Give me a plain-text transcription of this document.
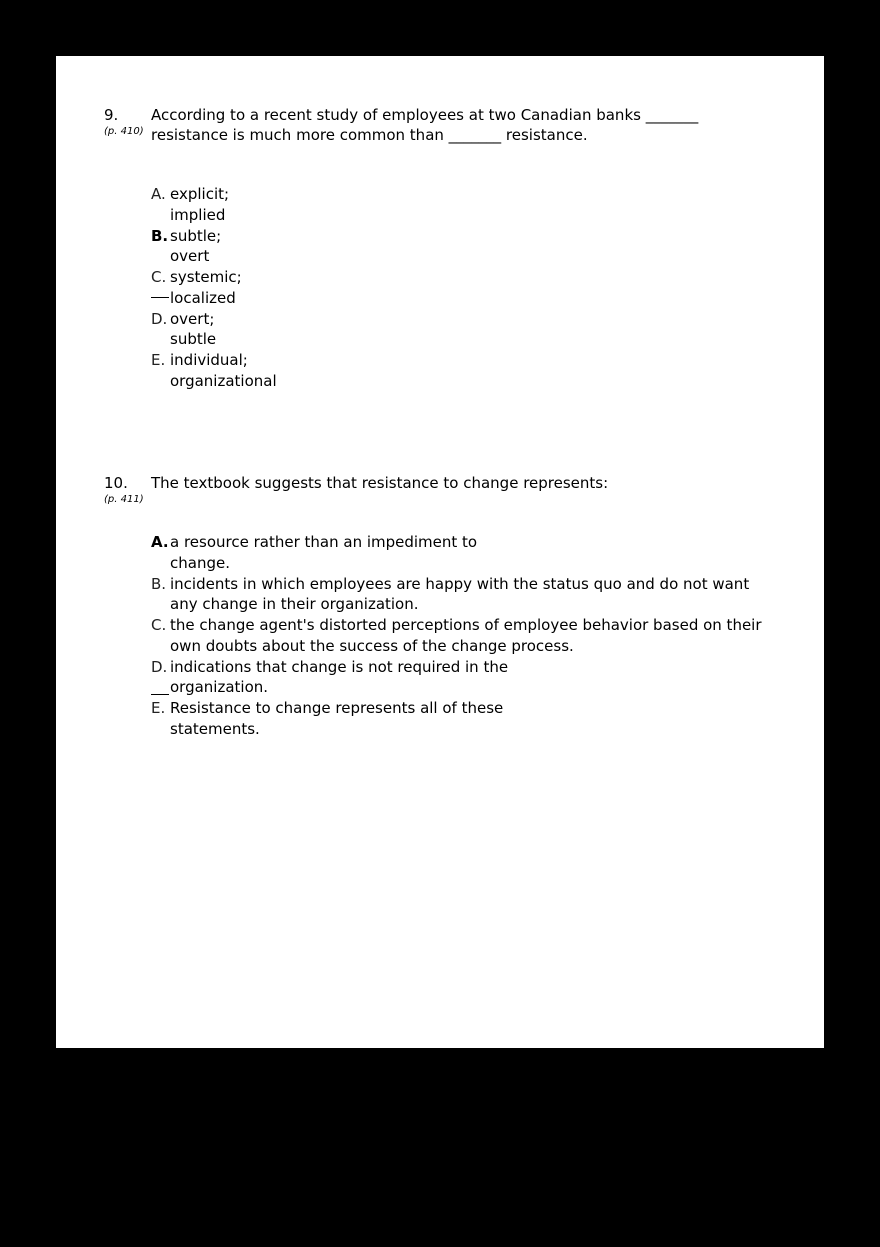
9.
(p. 410)
According to a recent study of employees at two Canadian banks _______ resistance is much more common than _______ resistance.
A. explicit;
implied
B. subtle;
overt
C. systemic;
localized
D. overt;
subtle
E. individual;
organizational
10.
(p. 411)
The textbook suggests that resistance to change represents:
A. a resource rather than an impediment to
change.
B. incidents in which employees are happy with the status quo and do not want
any change in their organization.
C. the change agent's distorted perceptions of employee behavior based on their
own doubts about the success of the change process.
D. indications that change is not required in the
organization.
E. Resistance to change represents all of these
statements.
